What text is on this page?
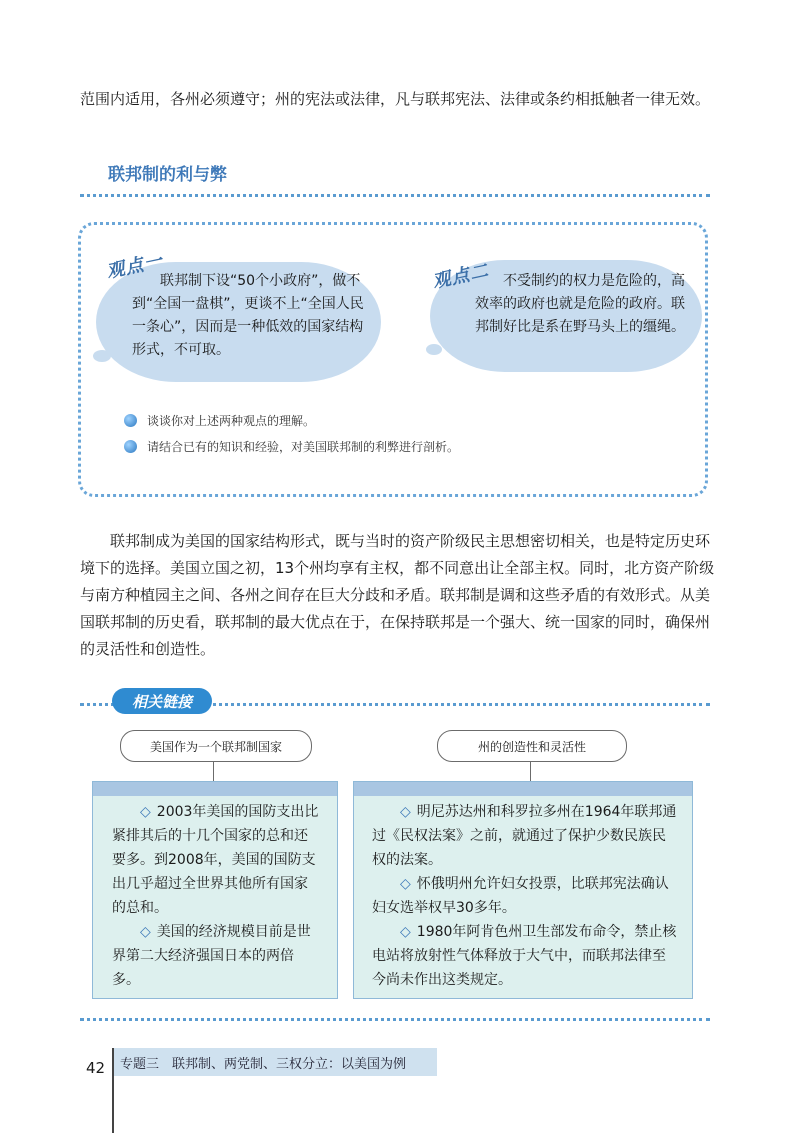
范围内适用，各州必须遵守；州的宪法或法律，凡与联邦宪法、法律或条约相抵触者一律无效。
联邦制的利与弊
观点一
联邦制下设“50个小政府”，做不到“全国一盘棋”，更谈不上“全国人民一条心”，因而是一种低效的国家结构形式，不可取。
观点二 不受制约的权力是危险的，高效率的政府也就是危险的政府。联邦制好比是系在野马头上的缰绳。
谈谈你对上述两种观点的理解。
请结合已有的知识和经验，对美国联邦制的利弊进行剖析。
联邦制成为美国的国家结构形式，既与当时的资产阶级民主思想密切相关，也是特定历史环境下的选择。美国立国之初，13个州均享有主权，都不同意出让全部主权。同时，北方资产阶级与南方种植园主之间、各州之间存在巨大分歧和矛盾。联邦制是调和这些矛盾的有效形式。从美国联邦制的历史看，联邦制的最大优点在于，在保持联邦是一个强大、统一国家的同时，确保州的灵活性和创造性。
相关链接
美国作为一个联邦制国家	州的创造性和灵活性

◇ 2003年美国的国防支出比紧排其后的十几个国家的总和还要多。到2008年，美国的国防支出几乎超过全世界其他所有国家的总和。

◇ 美国的经济规模目前是世界第二大经济强国日本的两倍多。

◇ 明尼苏达州和科罗拉多州在1964年联邦通过《民权法案》之前，就通过了保护少数民族民权的法案。

◇ 怀俄明州允许妇女投票，比联邦宪法确认妇女选举权早30多年。

◇ 1980年阿肯色州卫生部发布命令，禁止核电站将放射性气体释放于大气中，而联邦法律至今尚未作出这类规定。

42 专题三　联邦制、两党制、三权分立：以美国为例
